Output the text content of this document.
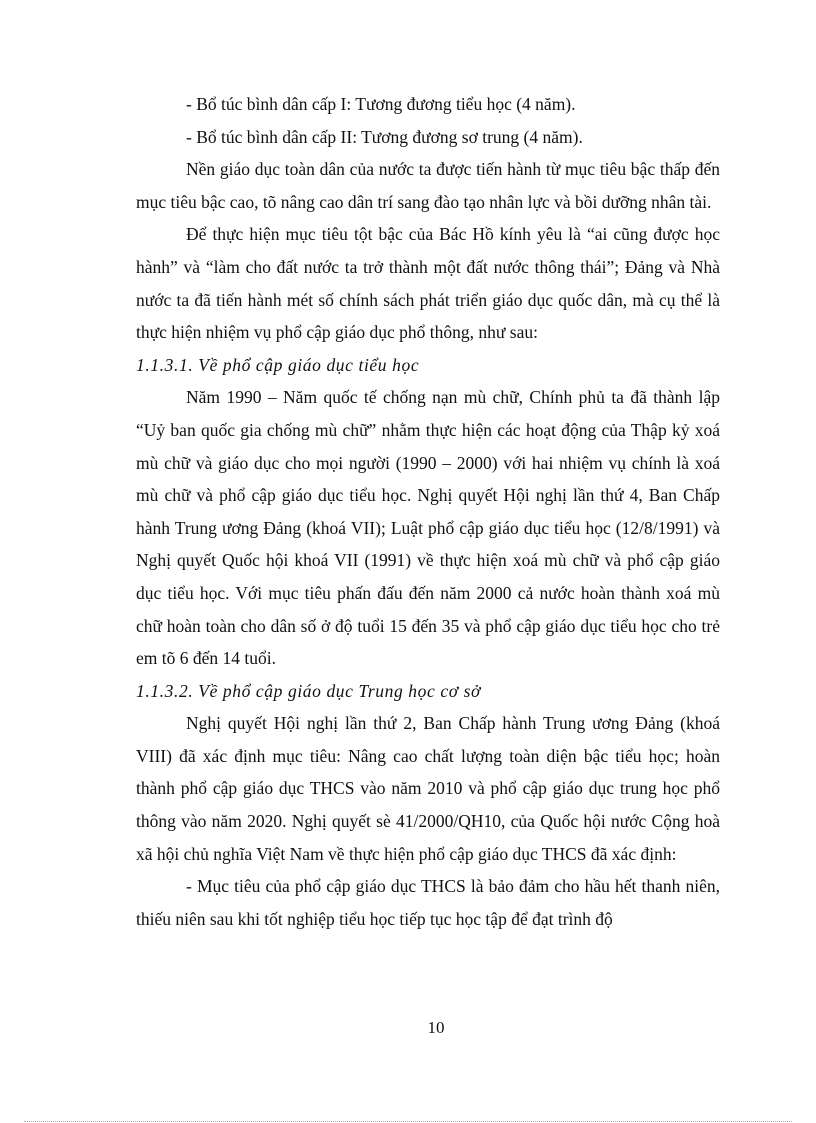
- Bổ túc bình dân cấp I: Tương đương tiểu học (4 năm).

- Bổ túc bình dân cấp II: Tương đương sơ trung (4 năm).

Nền giáo dục toàn dân của nước ta được tiến hành từ mục tiêu bậc thấp đến mục tiêu bậc cao, tõ nâng cao dân trí sang đào tạo nhân lực và bồi dưỡng nhân tài.

Để thực hiện mục tiêu tột bậc của Bác Hồ kính yêu là “ai cũng được học hành” và “làm cho đất nước ta trở thành một đất nước thông thái”; Đảng và Nhà nước ta đã tiến hành mét số chính sách phát triển giáo dục quốc dân, mà cụ thể là thực hiện nhiệm vụ phổ cập giáo dục phổ thông, như sau:

1.1.3.1. Về phổ cập giáo dục tiểu học

Năm 1990 – Năm quốc tế chống nạn mù chữ, Chính phủ ta đã thành lập “Uỷ ban quốc gia chống mù chữ” nhằm thực hiện các hoạt động của Thập kỷ xoá mù chữ và giáo dục cho mọi người (1990 – 2000) với hai nhiệm vụ chính là xoá mù chữ và phổ cập giáo dục tiểu học. Nghị quyết Hội nghị lần thứ 4, Ban Chấp hành Trung ương Đảng (khoá VII); Luật phổ cập giáo dục tiểu học (12/8/1991) và Nghị quyết Quốc hội khoá VII (1991) về thực hiện xoá mù chữ và phổ cập giáo dục tiểu học. Với mục tiêu phấn đấu đến năm 2000 cả nước hoàn thành xoá mù chữ hoàn toàn cho dân số ở độ tuổi 15 đến 35 và phổ cập giáo dục tiểu học cho trẻ em tõ 6 đến 14 tuổi.

1.1.3.2. Về phổ cập giáo dục Trung học cơ sở

Nghị quyết Hội nghị lần thứ 2, Ban Chấp hành Trung ương Đảng (khoá VIII) đã xác định mục tiêu: Nâng cao chất lượng toàn diện bậc tiểu học; hoàn thành phổ cập giáo dục THCS vào năm 2010 và phổ cập giáo dục trung học phổ thông vào năm 2020. Nghị quyết sè 41/2000/QH10, của Quốc hội nước Cộng hoà xã hội chủ nghĩa Việt Nam về thực hiện phổ cập giáo dục THCS đã xác định:

- Mục tiêu của phổ cập giáo dục THCS là bảo đảm cho hầu hết thanh niên, thiếu niên sau khi tốt nghiệp tiểu học tiếp tục học tập để đạt trình độ

10
